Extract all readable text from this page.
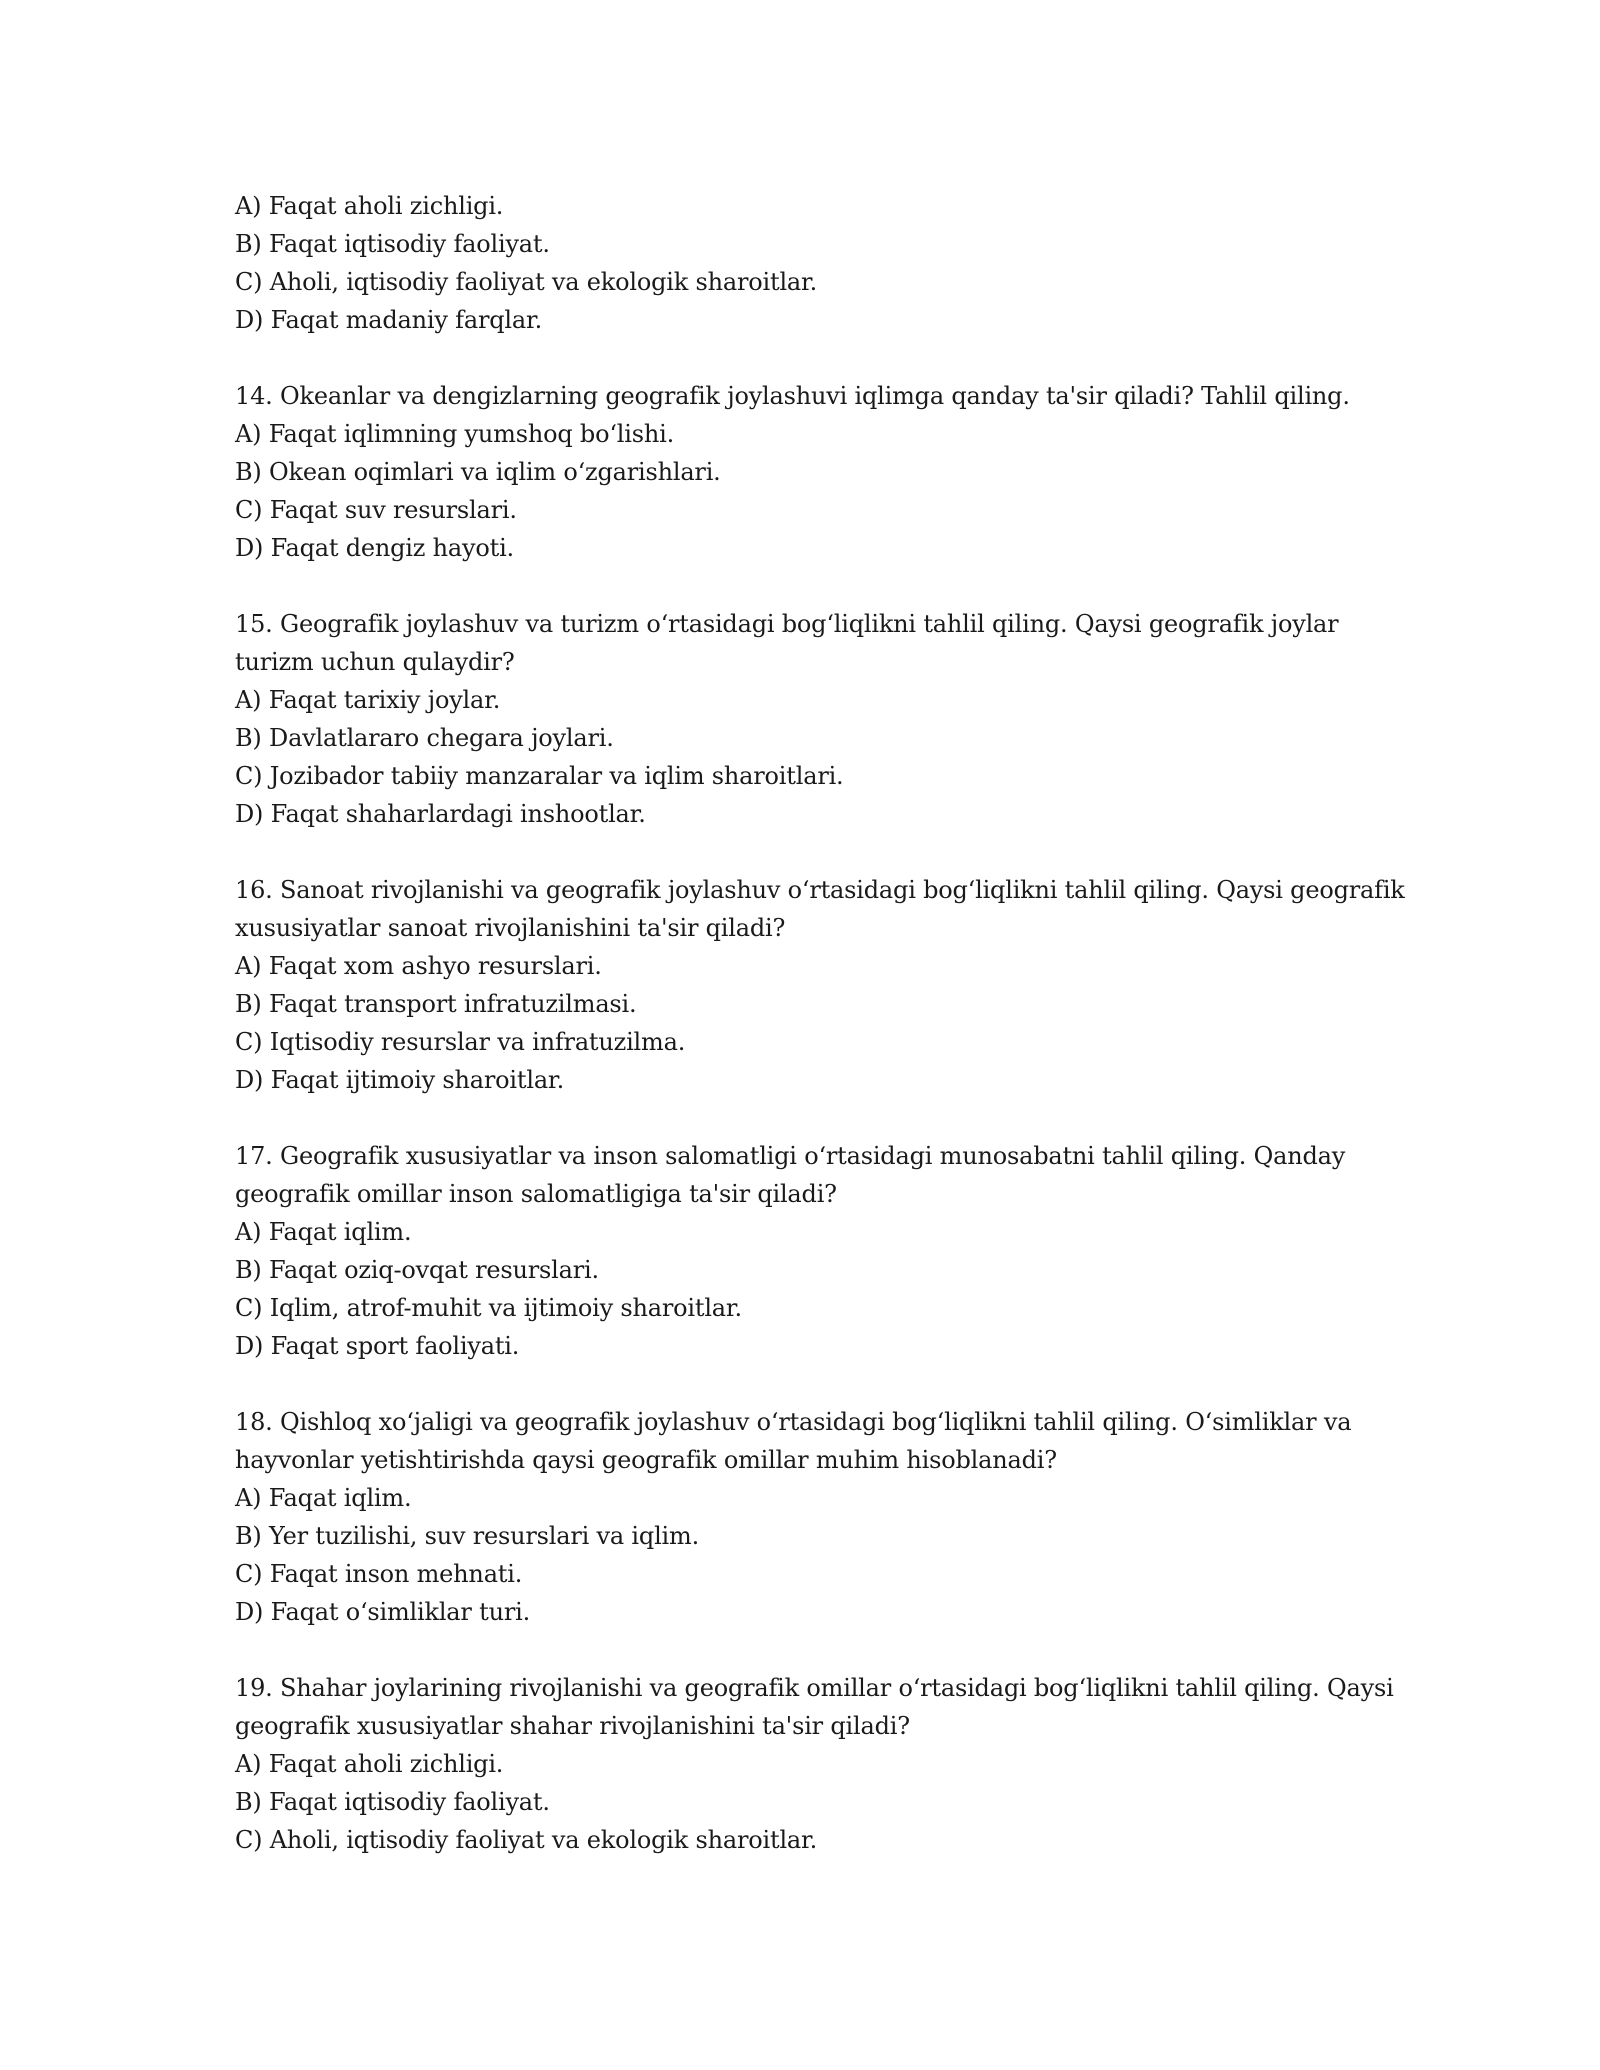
A) Faqat aholi zichligi.

B) Faqat iqtisodiy faoliyat.

C) Aholi, iqtisodiy faoliyat va ekologik sharoitlar.

D) Faqat madaniy farqlar.

14. Okeanlar va dengizlarning geografik joylashuvi iqlimga qanday ta'sir qiladi? Tahlil qiling.

A) Faqat iqlimning yumshoq bo‘lishi.

B) Okean oqimlari va iqlim o‘zgarishlari.

C) Faqat suv resurslari.

D) Faqat dengiz hayoti.

15. Geografik joylashuv va turizm o‘rtasidagi bog‘liqlikni tahlil qiling. Qaysi geografik joylar

turizm uchun qulaydir?

A) Faqat tarixiy joylar.

B) Davlatlararo chegara joylari.

C) Jozibador tabiiy manzaralar va iqlim sharoitlari.

D) Faqat shaharlardagi inshootlar.

16. Sanoat rivojlanishi va geografik joylashuv o‘rtasidagi bog‘liqlikni tahlil qiling. Qaysi geografik

xususiyatlar sanoat rivojlanishini ta'sir qiladi?

A) Faqat xom ashyo resurslari.

B) Faqat transport infratuzilmasi.

C) Iqtisodiy resurslar va infratuzilma.

D) Faqat ijtimoiy sharoitlar.

17. Geografik xususiyatlar va inson salomatligi o‘rtasidagi munosabatni tahlil qiling. Qanday

geografik omillar inson salomatligiga ta'sir qiladi?

A) Faqat iqlim.

B) Faqat oziq-ovqat resurslari.

C) Iqlim, atrof-muhit va ijtimoiy sharoitlar.

D) Faqat sport faoliyati.

18. Qishloq xo‘jaligi va geografik joylashuv o‘rtasidagi bog‘liqlikni tahlil qiling. O‘simliklar va

hayvonlar yetishtirishda qaysi geografik omillar muhim hisoblanadi?

A) Faqat iqlim.

B) Yer tuzilishi, suv resurslari va iqlim.

C) Faqat inson mehnati.

D) Faqat o‘simliklar turi.

19. Shahar joylarining rivojlanishi va geografik omillar o‘rtasidagi bog‘liqlikni tahlil qiling. Qaysi

geografik xususiyatlar shahar rivojlanishini ta'sir qiladi?

A) Faqat aholi zichligi.

B) Faqat iqtisodiy faoliyat.

C) Aholi, iqtisodiy faoliyat va ekologik sharoitlar.
